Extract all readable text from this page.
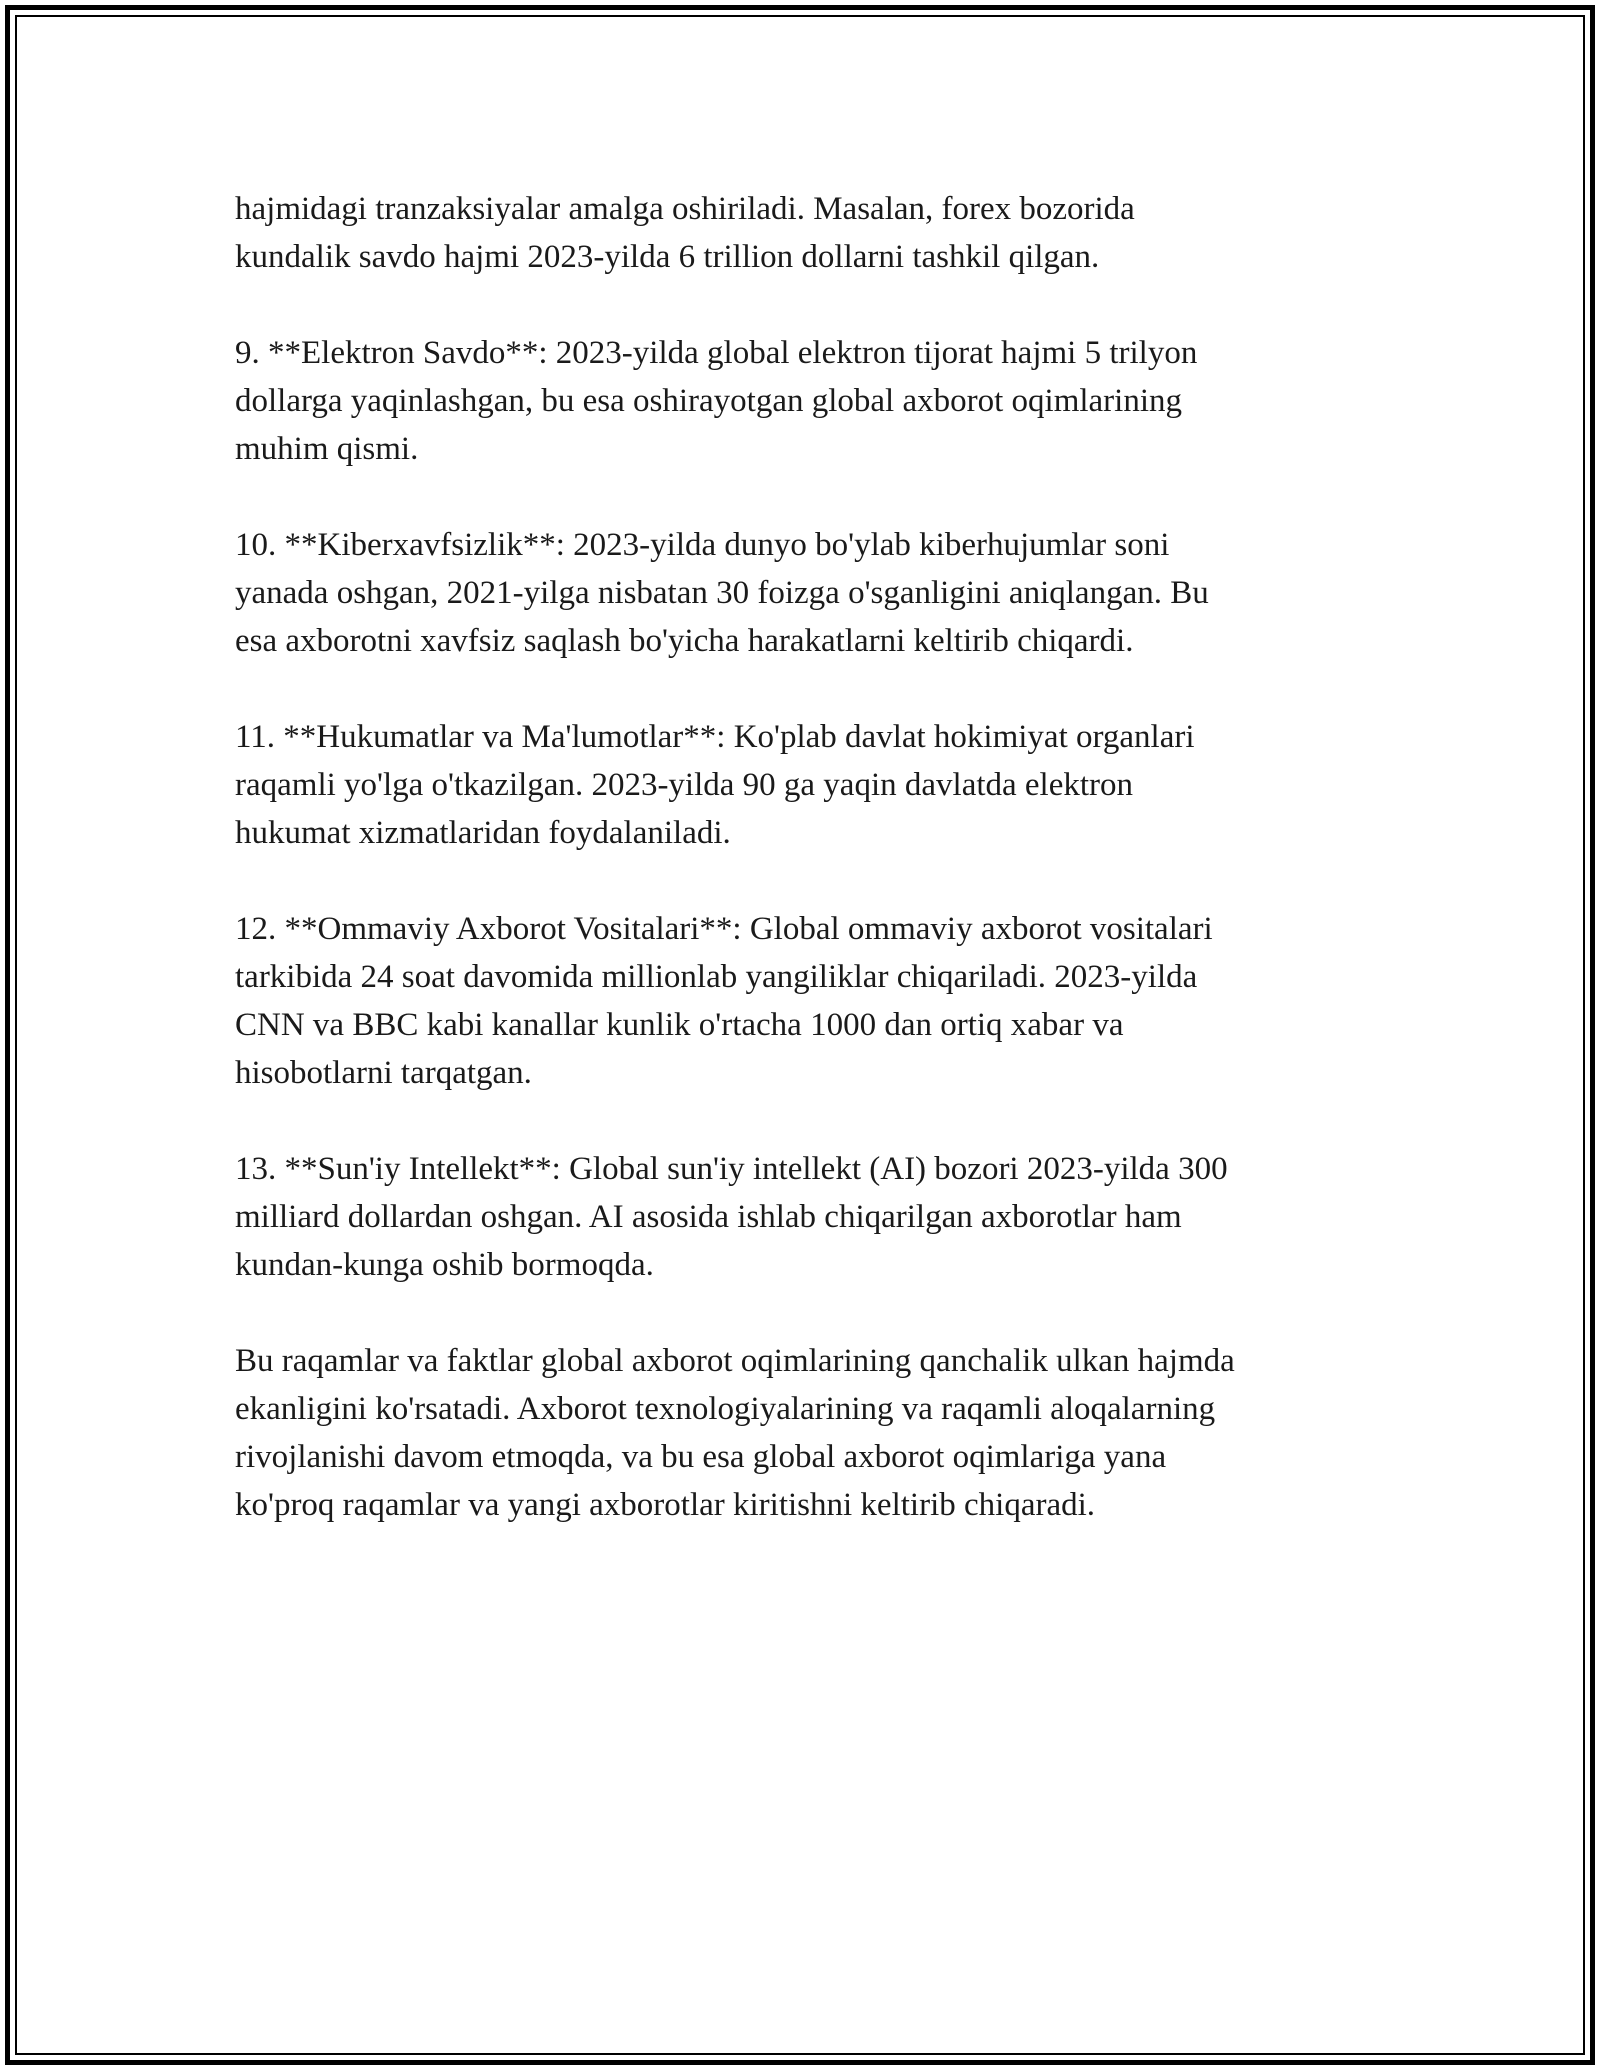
hajmidagi tranzaksiyalar amalga oshiriladi. Masalan, forex bozorida
kundalik savdo hajmi 2023-yilda 6 trillion dollarni tashkil qilgan.

9. **Elektron Savdo**: 2023-yilda global elektron tijorat hajmi 5 trilyon
dollarga yaqinlashgan, bu esa oshirayotgan global axborot oqimlarining
muhim qismi.

10. **Kiberxavfsizlik**: 2023-yilda dunyo bo'ylab kiberhujumlar soni
yanada oshgan, 2021-yilga nisbatan 30 foizga o'sganligini aniqlangan. Bu
esa axborotni xavfsiz saqlash bo'yicha harakatlarni keltirib chiqardi.

11. **Hukumatlar va Ma'lumotlar**: Ko'plab davlat hokimiyat organlari
raqamli yo'lga o'tkazilgan. 2023-yilda 90 ga yaqin davlatda elektron
hukumat xizmatlaridan foydalaniladi.

12. **Ommaviy Axborot Vositalari**: Global ommaviy axborot vositalari
tarkibida 24 soat davomida millionlab yangiliklar chiqariladi. 2023-yilda
CNN va BBC kabi kanallar kunlik o'rtacha 1000 dan ortiq xabar va
hisobotlarni tarqatgan.

13. **Sun'iy Intellekt**: Global sun'iy intellekt (AI) bozori 2023-yilda 300
milliard dollardan oshgan. AI asosida ishlab chiqarilgan axborotlar ham
kundan-kunga oshib bormoqda.

Bu raqamlar va faktlar global axborot oqimlarining qanchalik ulkan hajmda
ekanligini ko'rsatadi. Axborot texnologiyalarining va raqamli aloqalarning
rivojlanishi davom etmoqda, va bu esa global axborot oqimlariga yana
ko'proq raqamlar va yangi axborotlar kiritishni keltirib chiqaradi.
